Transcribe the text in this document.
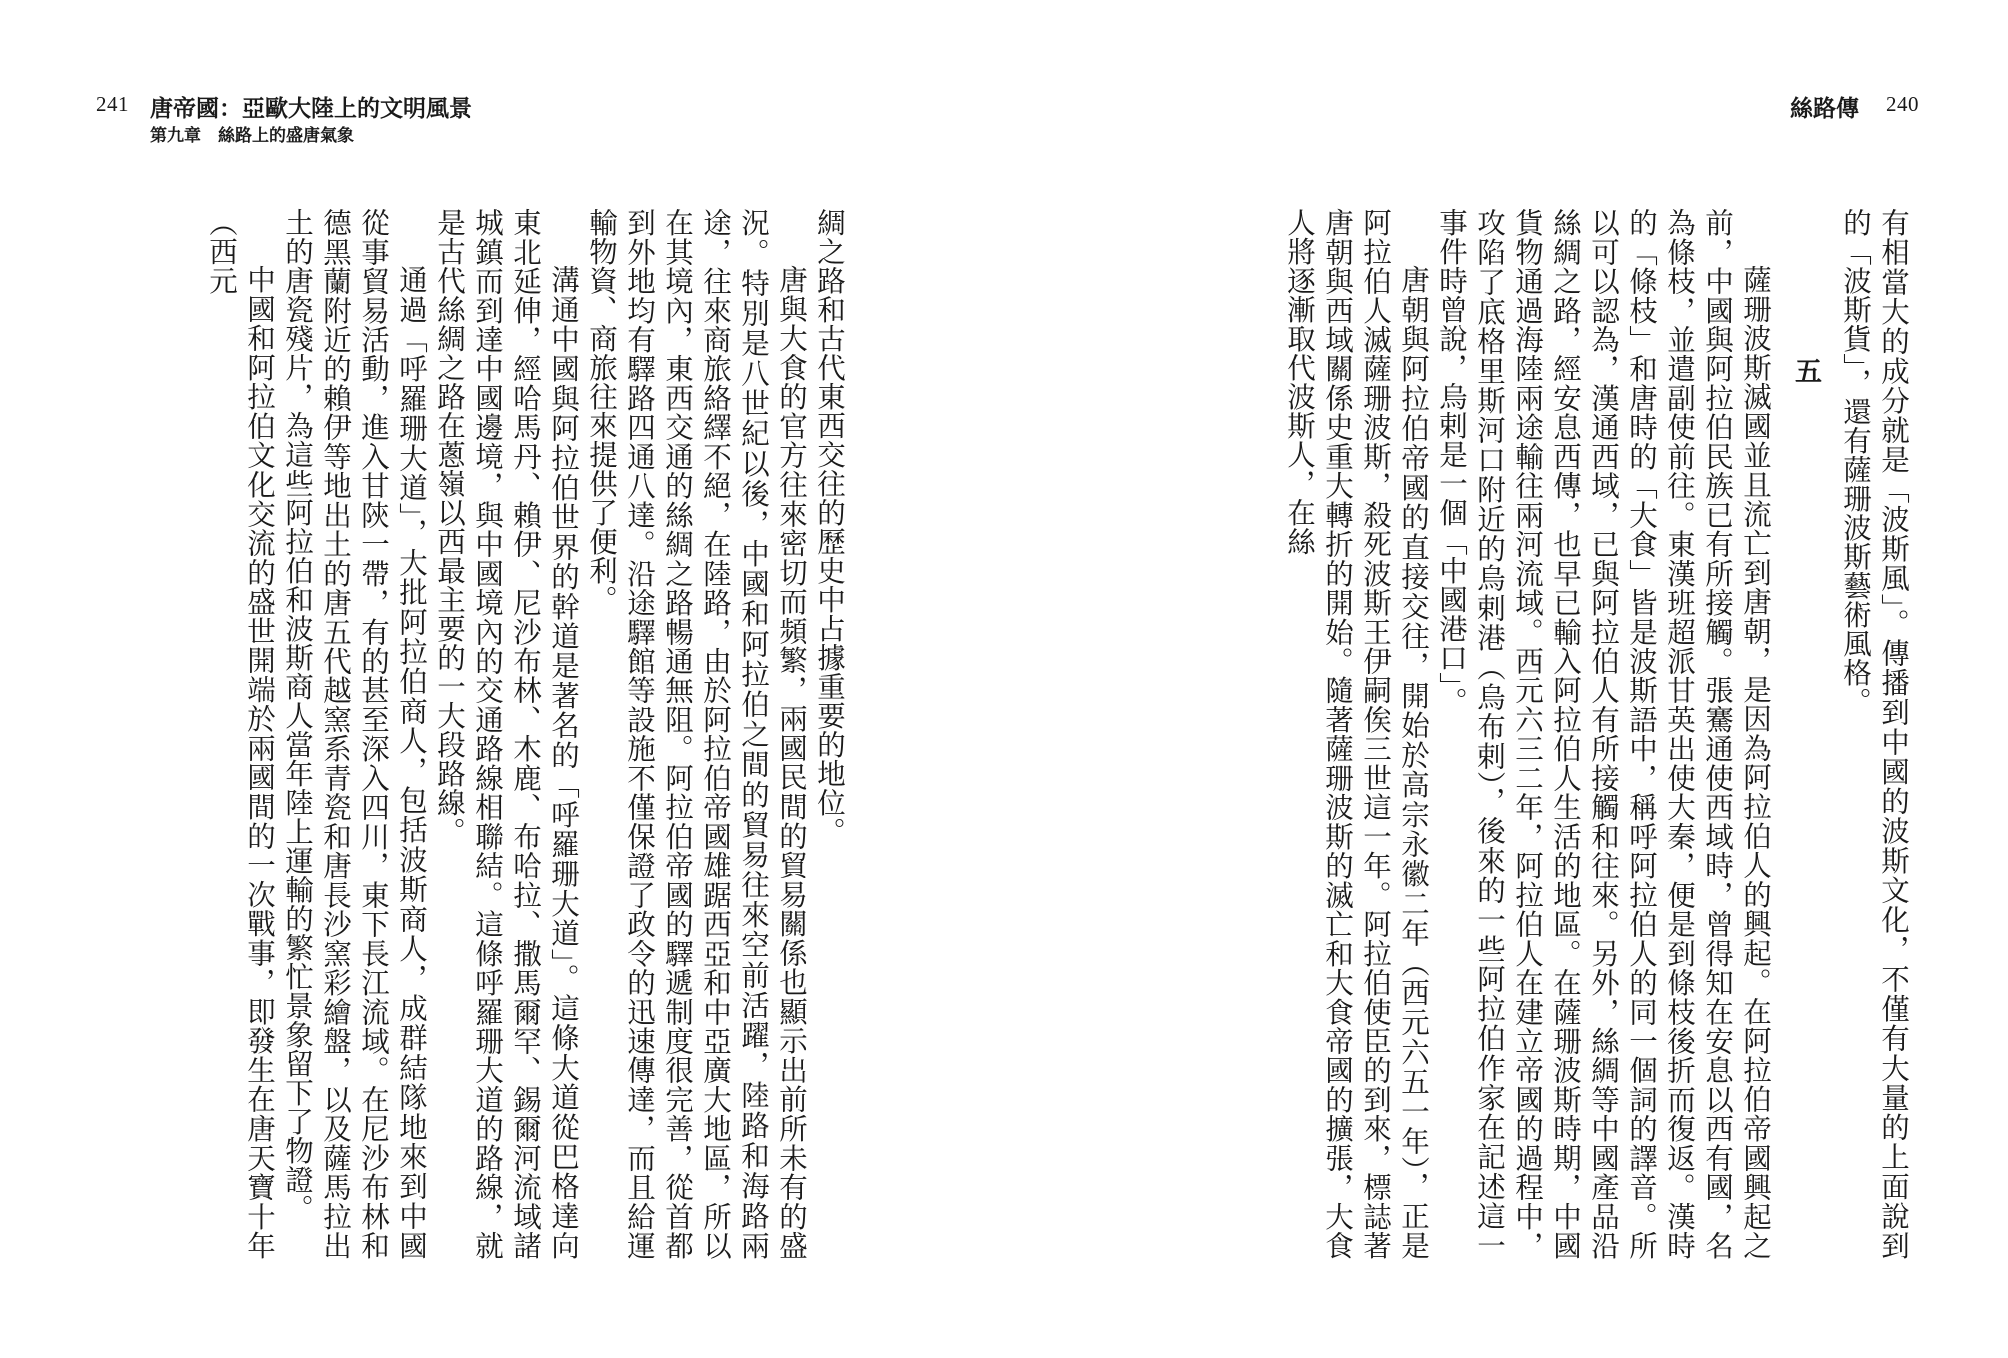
241 唐帝國：亞歐大陸上的文明風景
第九章　絲路上的盛唐氣象

綢之路和古代東西交往的歷史中占據重要的地位。

唐與大食的官方往來密切而頻繁，兩國民間的貿易關係也顯示出前所未有的盛況。特別是八世紀以後，中國和阿拉伯之間的貿易往來空前活躍，陸路和海路兩途，往來商旅絡繹不絕，在陸路，由於阿拉伯帝國雄踞西亞和中亞廣大地區，所以在其境內，東西交通的絲綢之路暢通無阻。阿拉伯帝國的驛遞制度很完善，從首都到外地均有驛路四通八達。沿途驛館等設施不僅保證了政令的迅速傳達，而且給運輸物資、商旅往來提供了便利。

溝通中國與阿拉伯世界的幹道是著名的「呼羅珊大道」。這條大道從巴格達向東北延伸，經哈馬丹、賴伊、尼沙布林、木鹿、布哈拉、撒馬爾罕、錫爾河流域諸城鎮而到達中國邊境，與中國境內的交通路線相聯結。這條呼羅珊大道的路線，就是古代絲綢之路在蔥嶺以西最主要的一大段路線。

通過「呼羅珊大道」，大批阿拉伯商人，包括波斯商人，成群結隊地來到中國從事貿易活動，進入甘陝一帶，有的甚至深入四川，東下長江流域。在尼沙布林和德黑蘭附近的賴伊等地出土的唐五代越窯系青瓷和唐長沙窯彩繪盤，以及薩馬拉出土的唐瓷殘片，為這些阿拉伯和波斯商人當年陸上運輸的繁忙景象留下了物證。

中國和阿拉伯文化交流的盛世開端於兩國間的一次戰事，即發生在唐天寶十年（西元

絲路傳 240

有相當大的成分就是「波斯風」。傳播到中國的波斯文化，不僅有大量的上面說到的「波斯貨」，還有薩珊波斯藝術風格。

五

薩珊波斯滅國並且流亡到唐朝，是因為阿拉伯人的興起。在阿拉伯帝國興起之前，中國與阿拉伯民族已有所接觸。張騫通使西域時，曾得知在安息以西有國，名為條枝，並遣副使前往。東漢班超派甘英出使大秦，便是到條枝後折而復返。漢時的「條枝」和唐時的「大食」皆是波斯語中，稱呼阿拉伯人的同一個詞的譯音。所以可以認為，漢通西域，已與阿拉伯人有所接觸和往來。另外，絲綢等中國產品沿絲綢之路，經安息西傳，也早已輸入阿拉伯人生活的地區。在薩珊波斯時期，中國貨物通過海陸兩途輸往兩河流域。西元六三二年，阿拉伯人在建立帝國的過程中，攻陷了底格里斯河口附近的烏剌港（烏布剌），後來的一些阿拉伯作家在記述這一事件時曾說，烏剌是一個「中國港口」。

唐朝與阿拉伯帝國的直接交往，開始於高宗永徽二年（西元六五一年），正是阿拉伯人滅薩珊波斯，殺死波斯王伊嗣俟三世這一年。阿拉伯使臣的到來，標誌著唐朝與西域關係史重大轉折的開始。隨著薩珊波斯的滅亡和大食帝國的擴張，大食人將逐漸取代波斯人，在絲
